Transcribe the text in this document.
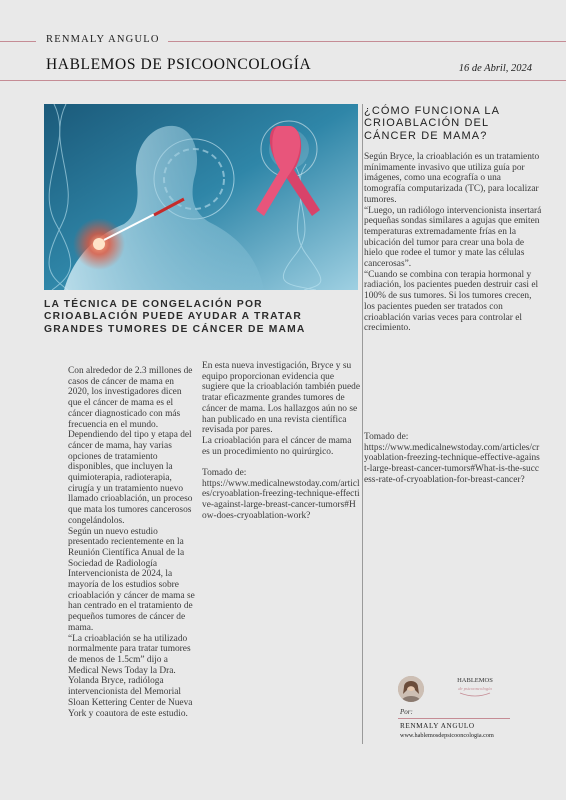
RENMALY ANGULO
HABLEMOS DE PSICOONCOLOGÍA	16 de Abril, 2024
LA TÉCNICA DE CONGELACIÓN POR CRIOABLACIÓN PUEDE AYUDAR A TRATAR GRANDES TUMORES DE CÁNCER DE MAMA

Con alrededor de 2.3 millones de casos de cáncer de mama en 2020, los investigadores dicen que el cáncer de mama es el cáncer diagnosticado con más frecuencia en el mundo.

Dependiendo del tipo y etapa del cáncer de mama, hay varias opciones de tratamiento disponibles, que incluyen la quimioterapia, radioterapia, cirugía y un tratamiento nuevo llamado crioablación, un proceso que mata los tumores cancerosos congelándolos.

Según un nuevo estudio presentado recientemente en la Reunión Científica Anual de la Sociedad de Radiología Intervencionista de 2024, la mayoría de los estudios sobre crioablación y cáncer de mama se han centrado en el tratamiento de pequeños tumores de cáncer de mama.

“La crioablación se ha utilizado normalmente para tratar tumores de menos de 1.5cm” dijo a Medical News Today la Dra. Yolanda Bryce, radióloga intervencionista del Memorial Sloan Kettering Center de Nueva York y coautora de este estudio.

En esta nueva investigación, Bryce y su equipo proporcionan evidencia que sugiere que la crioablación también puede tratar eficazmente grandes tumores de cáncer de mama. Los hallazgos aún no se han publicado en una revista científica revisada por pares.

La crioablación para el cáncer de mama es un procedimiento no quirúrgico.

Tomado de:

https://www.medicalnewstoday.com/articles/cryoablation-freezing-technique-effective-against-large-breast-cancer-tumors#How-does-cryoablation-work?

¿CÓMO FUNCIONA LA CRIOABLACIÓN DEL CÁNCER DE MAMA?

Según Bryce, la crioablación es un tratamiento mínimamente invasivo que utiliza guía por imágenes, como una ecografía o una tomografía computarizada (TC), para localizar tumores.

“Luego, un radiólogo intervencionista insertará pequeñas sondas similares a agujas que emiten temperaturas extremadamente frías en la ubicación del tumor para crear una bola de hielo que rodee el tumor y mate las células cancerosas”.

“Cuando se combina con terapia hormonal y radiación, los pacientes pueden destruir casi el 100% de sus tumores. Si los tumores crecen, los pacientes pueden ser tratados con crioablación varias veces para controlar el crecimiento.

Tomado de:

https://www.medicalnewstoday.com/articles/cryoablation-freezing-technique-effective-against-large-breast-cancer-tumors#What-is-the-success-rate-of-cryoablation-for-breast-cancer?

HABLEMOS
de psicooncología
Por:
RENMALY ANGULO
www.hablemosdepsicooncologia.com
